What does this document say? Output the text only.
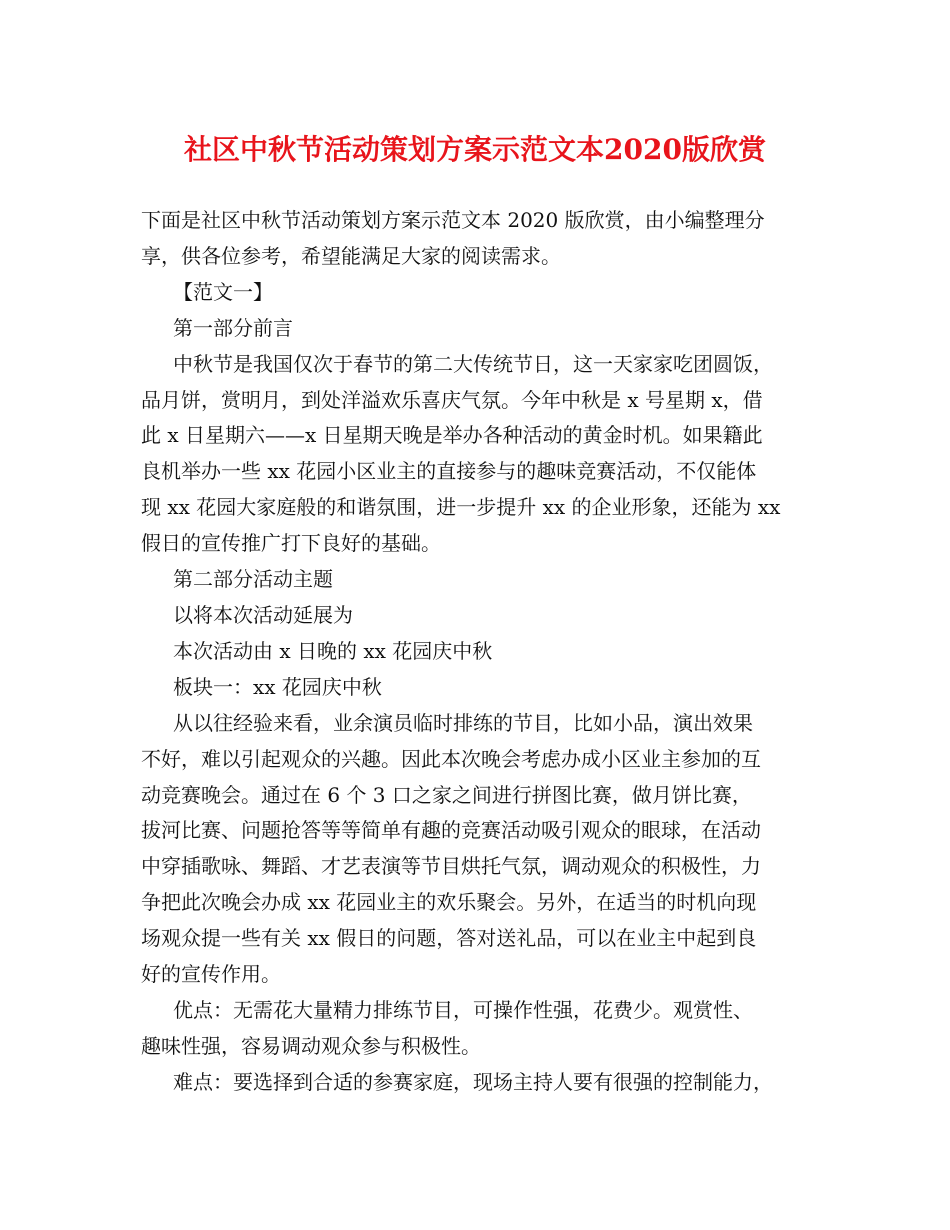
社区中秋节活动策划方案示范文本2020版欣赏
下面是社区中秋节活动策划方案示范文本 2020 版欣赏，由小编整理分
享，供各位参考，希望能满足大家的阅读需求。
【范文一】
第一部分前言
中秋节是我国仅次于春节的第二大传统节日，这一天家家吃团圆饭，
品月饼，赏明月，到处洋溢欢乐喜庆气氛。今年中秋是 x 号星期 x，借
此 x 日星期六——x 日星期天晚是举办各种活动的黄金时机。如果籍此
良机举办一些 xx 花园小区业主的直接参与的趣味竞赛活动，不仅能体
现 xx 花园大家庭般的和谐氛围，进一步提升 xx 的企业形象，还能为 xx
假日的宣传推广打下良好的基础。
第二部分活动主题
以将本次活动延展为
本次活动由 x 日晚的 xx 花园庆中秋
板块一：xx 花园庆中秋
从以往经验来看，业余演员临时排练的节目，比如小品，演出效果
不好，难以引起观众的兴趣。因此本次晚会考虑办成小区业主参加的互
动竞赛晚会。通过在 6 个 3 口之家之间进行拼图比赛，做月饼比赛，
拔河比赛、问题抢答等等简单有趣的竞赛活动吸引观众的眼球，在活动
中穿插歌咏、舞蹈、才艺表演等节目烘托气氛，调动观众的积极性，力
争把此次晚会办成 xx 花园业主的欢乐聚会。另外，在适当的时机向现
场观众提一些有关 xx 假日的问题，答对送礼品，可以在业主中起到良
好的宣传作用。
优点：无需花大量精力排练节目，可操作性强，花费少。观赏性、
趣味性强，容易调动观众参与积极性。
难点：要选择到合适的参赛家庭，现场主持人要有很强的控制能力，
